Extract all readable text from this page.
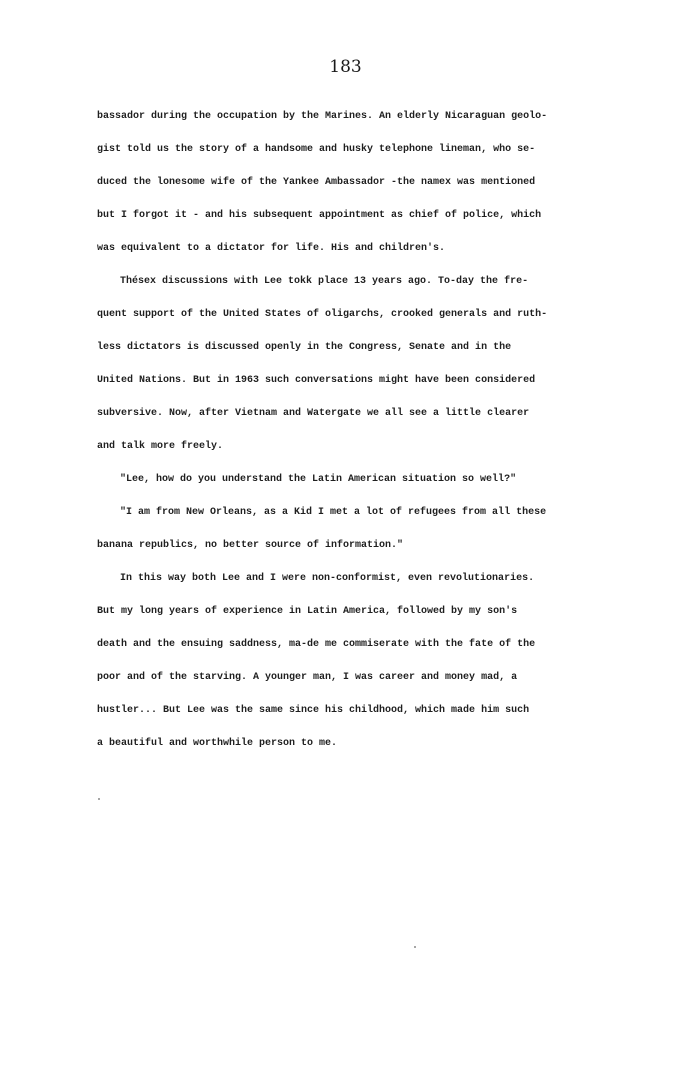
183
bassador during the occupation by the Marines. An elderly Nicaraguan geolo-
gist told us the story of a handsome and husky telephone lineman, who se-
duced the lonesome wife of the Yankee Ambassador -the namex was mentioned
but I forgot it - and his subsequent appointment as chief of police, which
was equivalent to a dictator for life. His and children's.
Thésex discussions with Lee tokk place 13 years ago. To-day the fre-
quent support of the United States of oligarchs, crooked generals and ruth-
less dictators is discussed openly in the Congress, Senate and in the
United Nations. But in 1963 such conversations might have been considered
subversive. Now, after Vietnam and Watergate we all see a little clearer
and talk more freely.
"Lee, how do you understand the Latin American situation so well?"
"I am from New Orleans, as a Kid I met a lot of refugees from all these
banana republics, no better source of information."
In this way both Lee and I were non-conformist, even revolutionaries.
But my long years of experience in Latin America, followed by my son's
death and the ensuing saddness, ma-de me commiserate with the fate of the
poor and of the starving. A younger man, I was career and money mad, a
hustler... But Lee was the same since his childhood, which made him such
a beautiful and worthwhile person to me.
